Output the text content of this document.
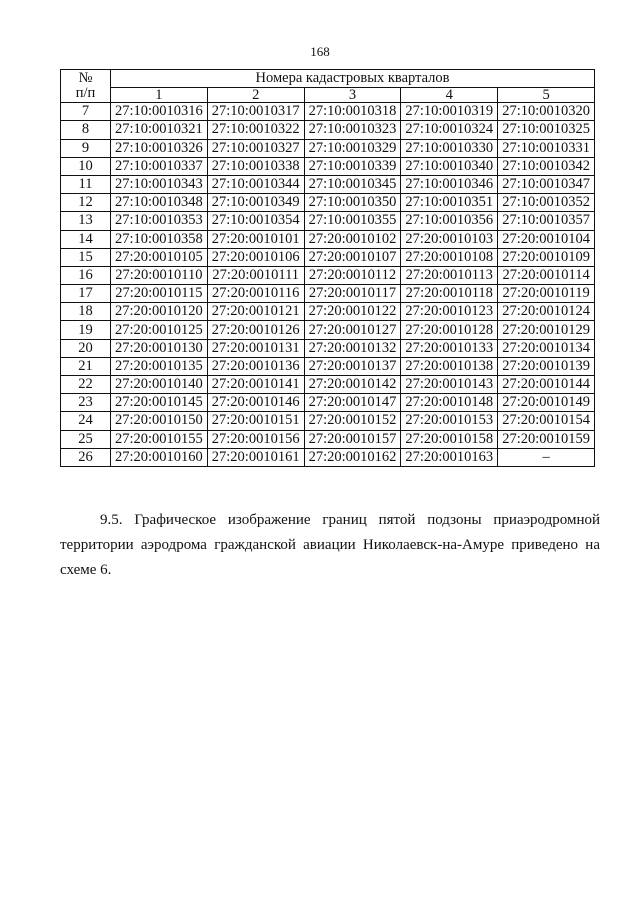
168
№
п/п	Номера кадастровых кварталов				
	1	2	3	4	5
7	27:10:0010316	27:10:0010317	27:10:0010318	27:10:0010319	27:10:0010320
8	27:10:0010321	27:10:0010322	27:10:0010323	27:10:0010324	27:10:0010325
9	27:10:0010326	27:10:0010327	27:10:0010329	27:10:0010330	27:10:0010331
10	27:10:0010337	27:10:0010338	27:10:0010339	27:10:0010340	27:10:0010342
11	27:10:0010343	27:10:0010344	27:10:0010345	27:10:0010346	27:10:0010347
12	27:10:0010348	27:10:0010349	27:10:0010350	27:10:0010351	27:10:0010352
13	27:10:0010353	27:10:0010354	27:10:0010355	27:10:0010356	27:10:0010357
14	27:10:0010358	27:20:0010101	27:20:0010102	27:20:0010103	27:20:0010104
15	27:20:0010105	27:20:0010106	27:20:0010107	27:20:0010108	27:20:0010109
16	27:20:0010110	27:20:0010111	27:20:0010112	27:20:0010113	27:20:0010114
17	27:20:0010115	27:20:0010116	27:20:0010117	27:20:0010118	27:20:0010119
18	27:20:0010120	27:20:0010121	27:20:0010122	27:20:0010123	27:20:0010124
19	27:20:0010125	27:20:0010126	27:20:0010127	27:20:0010128	27:20:0010129
20	27:20:0010130	27:20:0010131	27:20:0010132	27:20:0010133	27:20:0010134
21	27:20:0010135	27:20:0010136	27:20:0010137	27:20:0010138	27:20:0010139
22	27:20:0010140	27:20:0010141	27:20:0010142	27:20:0010143	27:20:0010144
23	27:20:0010145	27:20:0010146	27:20:0010147	27:20:0010148	27:20:0010149
24	27:20:0010150	27:20:0010151	27:20:0010152	27:20:0010153	27:20:0010154
25	27:20:0010155	27:20:0010156	27:20:0010157	27:20:0010158	27:20:0010159
26	27:20:0010160	27:20:0010161	27:20:0010162	27:20:0010163	–

9.5. Графическое изображение границ пятой подзоны приаэродромной территории аэродрома гражданской авиации Николаевск-на-Амуре приведено на схеме 6.
